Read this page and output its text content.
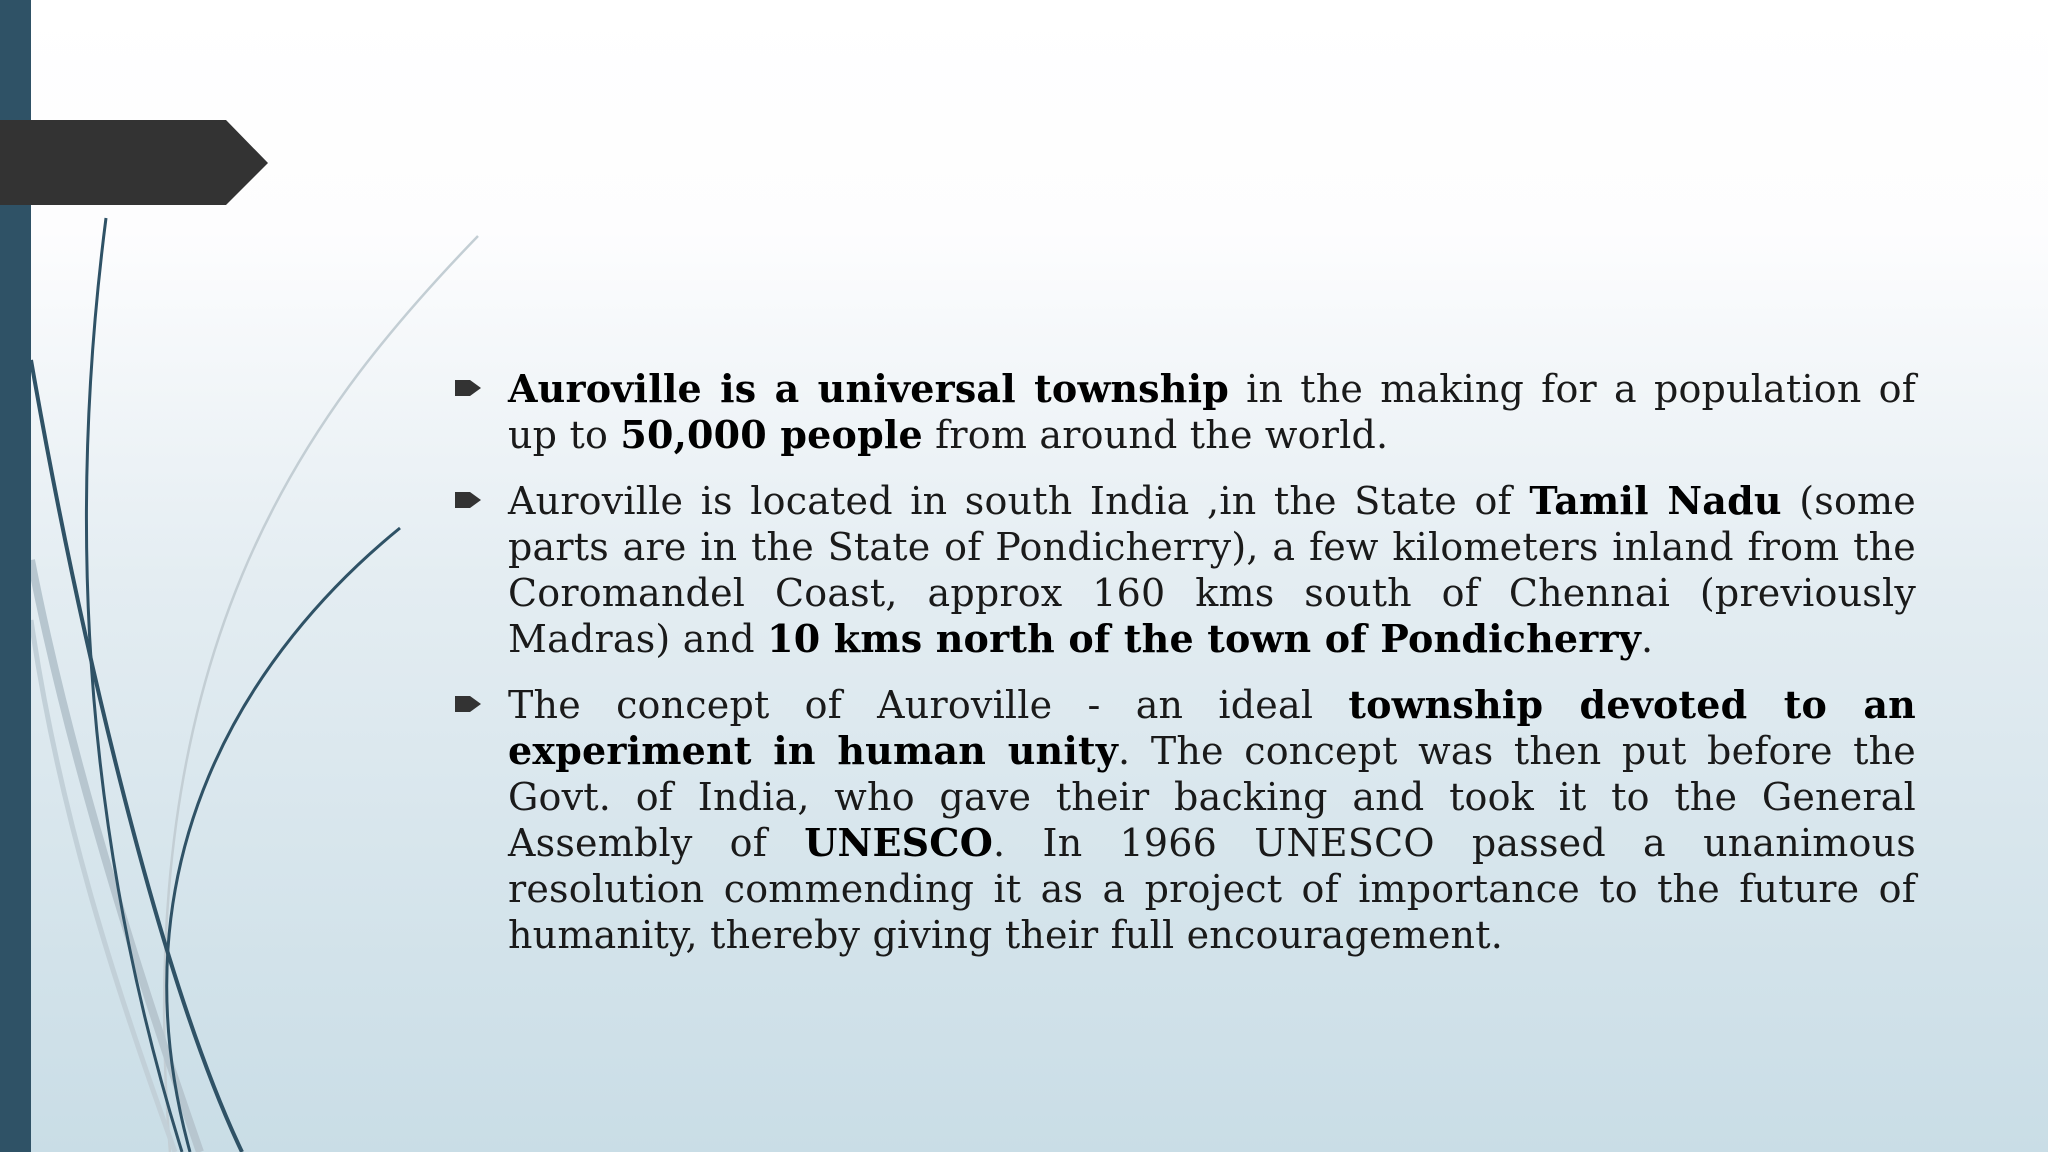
Auroville is a universal township in the making for a population of up to 50,000 people from around the world.
Auroville is located in south India ,in the State of Tamil Nadu (some parts are in the State of Pondicherry), a few kilometers inland from the Coromandel Coast, approx 160 kms south of Chennai (previously Madras) and 10 kms north of the town of Pondicherry.
The concept of Auroville - an ideal township devoted to an experiment in human unity. The concept was then put before the Govt. of India, who gave their backing and took it to the General Assembly of UNESCO. In 1966 UNESCO passed a unanimous resolution commending it as a project of importance to the future of humanity, thereby giving their full encouragement.
